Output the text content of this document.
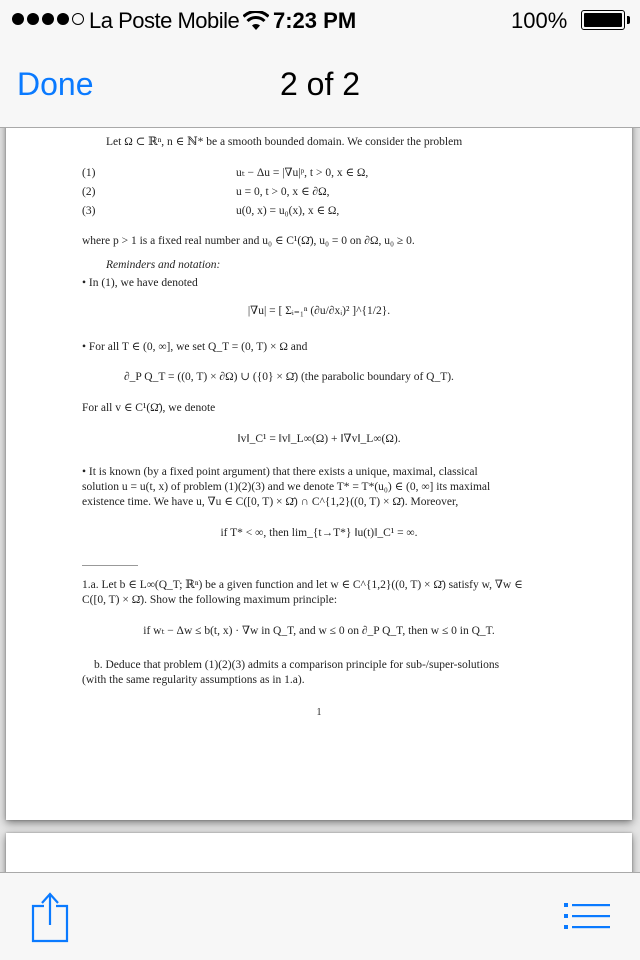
La Poste Mobile 7:23 PM	100%
Done	2 of 2
Let Ω ⊂ ℝⁿ, n ∈ ℕ* be a smooth bounded domain. We consider the problem
(1)	uₜ − Δu = |∇u|ᵖ, t > 0, x ∈ Ω,
(2)	u = 0, t > 0, x ∈ ∂Ω,
(3)	u(0, x) = u₀(x), x ∈ Ω,
where p > 1 is a fixed real number and u₀ ∈ C¹(Ω̄), u₀ = 0 on ∂Ω, u₀ ≥ 0.
Reminders and notation:
• In (1), we have denoted
|∇u| = [ Σᵢ₌₁ⁿ (∂u/∂xᵢ)² ]^{1/2}.
• For all T ∈ (0, ∞], we set Q_T = (0, T) × Ω and
∂_P Q_T = ((0, T) × ∂Ω) ∪ ({0} × Ω̄) (the parabolic boundary of Q_T).
For all v ∈ C¹(Ω̄), we denote
‖v‖_C¹ = ‖v‖_L∞(Ω) + ‖∇v‖_L∞(Ω).
• It is known (by a fixed point argument) that there exists a unique, maximal, classical
solution u = u(t, x) of problem (1)(2)(3) and we denote T* = T*(u₀) ∈ (0, ∞] its maximal
existence time. We have u, ∇u ∈ C([0, T) × Ω̄) ∩ C^{1,2}((0, T) × Ω̄). Moreover,
if T* < ∞, then lim_{t→T*} ‖u(t)‖_C¹ = ∞.
1.a. Let b ∈ L∞(Q_T; ℝⁿ) be a given function and let w ∈ C^{1,2}((0, T) × Ω̄) satisfy w, ∇w ∈
C([0, T) × Ω̄). Show the following maximum principle:
if wₜ − Δw ≤ b(t, x) · ∇w in Q_T, and w ≤ 0 on ∂_P Q_T, then w ≤ 0 in Q_T.
b. Deduce that problem (1)(2)(3) admits a comparison principle for sub-/super-solutions
(with the same regularity assumptions as in 1.a).
1
